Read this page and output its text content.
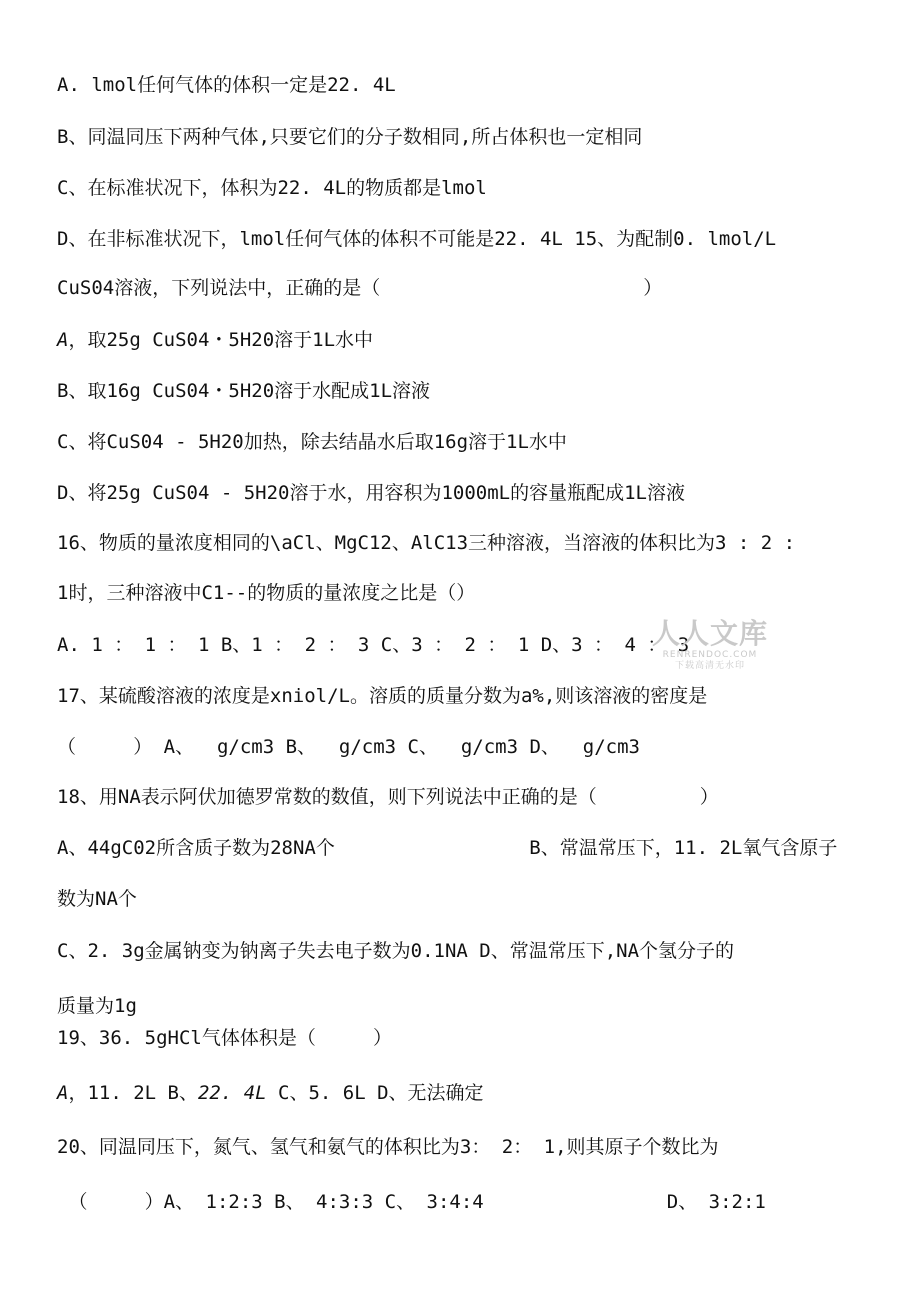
A. lmol任何气体的体积一定是22. 4L
B、同温同压下两种气体,只要它们的分子数相同,所占体积也一定相同
C、在标准状况下，体积为22. 4L的物质都是lmol
D、在非标准状况下，lmol任何气体的体积不可能是22. 4L 15、为配制0. lmol/L
CuS04溶液，下列说法中，正确的是（                       ）
A，取25g CuS04・5H20溶于1L水中
B、取16g CuS04・5H20溶于水配成1L溶液
C、将CuS04 - 5H20加热，除去结晶水后取16g溶于1L水中
D、将25g CuS04 - 5H20溶于水，用容积为1000mL的容量瓶配成1L溶液
16、物质的量浓度相同的\aCl、MgC12、AlC13三种溶液，当溶液的体积比为3 : 2 :
1时，三种溶液中C1--的物质的量浓度之比是（）
A. 1 ： 1 ： 1 B、1 ： 2 ： 3 C、3 ： 2 ： 1 D、3 ： 4 ： 3
17、某硫酸溶液的浓度是xniol/L。溶质的质量分数为a%,则该溶液的密度是
（     ） A、  g/cm3 B、  g/cm3 C、  g/cm3 D、  g/cm3
18、用NA表示阿伏加德罗常数的数值，则下列说法中正确的是（         ）
A、44gC02所含质子数为28NA个                 B、常温常压下，11. 2L氧气含原子
数为NA个
C、2. 3g金属钠变为钠离子失去电子数为0.1NA D、常温常压下,NA个氢分子的
质量为1g
19、36. 5gHCl气体体积是（     ）
A，11. 2L B、22. 4L C、5. 6L D、无法确定
20、同温同压下，氮气、氢气和氨气的体积比为3： 2： 1,则其原子个数比为
（     ）A、 1:2:3 B、 4:3:3 C、 3:4:4                D、 3:2:1
人人文库
RENRENDOC.COM
下载高清无水印
